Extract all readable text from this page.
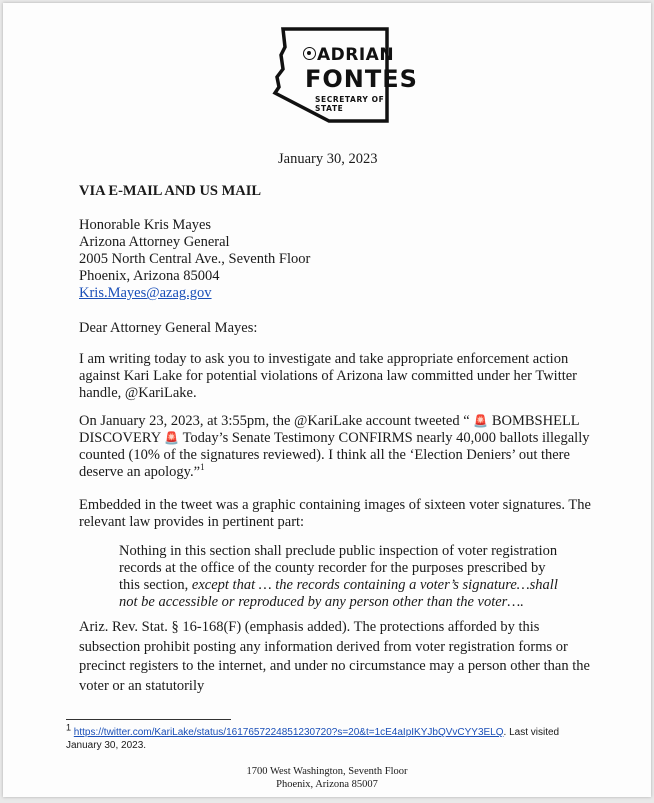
ADRIAN
FONTES
SECRETARY OF STATE
January 30, 2023
VIA E-MAIL AND US MAIL
Honorable Kris Mayes
Arizona Attorney General
2005 North Central Ave., Seventh Floor
Phoenix, Arizona 85004
Kris.Mayes@azag.gov
Dear Attorney General Mayes:
I am writing today to ask you to investigate and take appropriate enforcement action against Kari Lake for potential violations of Arizona law committed under her Twitter handle, @KariLake.
On January 23, 2023, at 3:55pm, the @KariLake account tweeted “ 🚨 BOMBSHELL DISCOVERY 🚨 Today’s Senate Testimony CONFIRMS nearly 40,000 ballots illegally counted (10% of the signatures reviewed). I think all the ‘Election Deniers’ out there deserve an apology.”$^1$
Embedded in the tweet was a graphic containing images of sixteen voter signatures. The relevant law provides in pertinent part:
Nothing in this section shall preclude public inspection of voter registration records at the office of the county recorder for the purposes prescribed by this section, except that … the records containing a voter’s signature…shall not be accessible or reproduced by any person other than the voter….
Ariz. Rev. Stat. § 16-168(F) (emphasis added). The protections afforded by this subsection prohibit posting any information derived from voter registration forms or precinct registers to the internet, and under no circumstance may a person other than the voter or an statutorily
1 https://twitter.com/KariLake/status/1617657224851230720?s=20&t=1cE4aIpIKYJbQVvCYY3ELQ. Last visited January 30, 2023.
1700 West Washington, Seventh Floor
Phoenix, Arizona 85007
